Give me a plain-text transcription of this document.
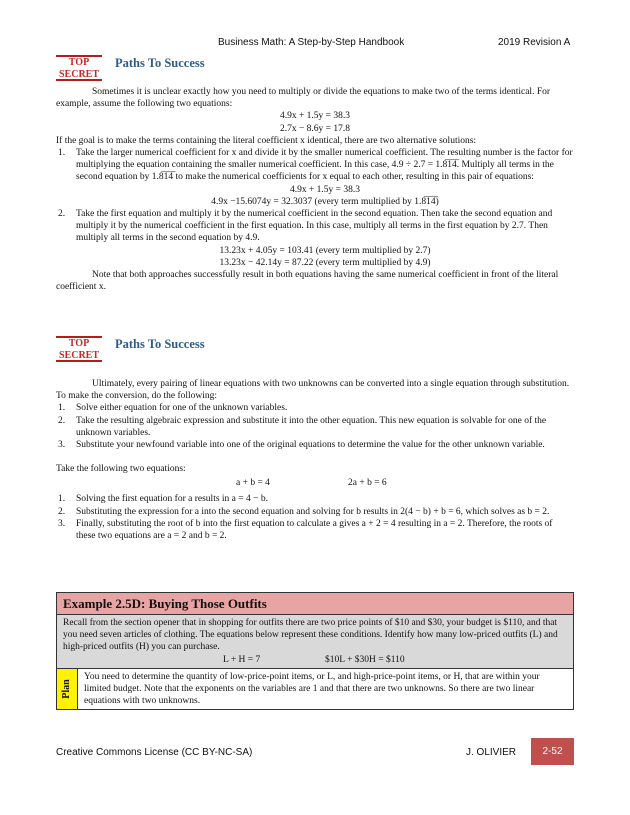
Business Math: A Step-by-Step Handbook	2019 Revision A
TOP
SECRET
Paths To Success

Sometimes it is unclear exactly how you need to multiply or divide the equations to make two of the terms identical. For example, assume the following two equations:

4.9x + 1.5y = 38.3

2.7x − 8.6y = 17.8

If the goal is to make the terms containing the literal coefficient x identical, there are two alternative solutions:

1. Take the larger numerical coefficient for x and divide it by the smaller numerical coefficient. The resulting number is the factor for multiplying the equation containing the smaller numerical coefficient. In this case, 4.9 ÷ 2.7 = 1.8̅1̅4̅. Multiply all terms in the second equation by 1.8̅1̅4̅ to make the numerical coefficients for x equal to each other, resulting in this pair of equations:

4.9x + 1.5y = 38.3

4.9x −15.6074y = 32.3037 (every term multiplied by 1.8̅1̅4̅)

2. Take the first equation and multiply it by the numerical coefficient in the second equation. Then take the second equation and multiply it by the numerical coefficient in the first equation. In this case, multiply all terms in the first equation by 2.7. Then multiply all terms in the second equation by 4.9.

13.23x + 4.05y = 103.41 (every term multiplied by 2.7)

13.23x − 42.14y = 87.22 (every term multiplied by 4.9)

Note that both approaches successfully result in both equations having the same numerical coefficient in front of the literal coefficient x.

TOP
SECRET
Paths To Success

Ultimately, every pairing of linear equations with two unknowns can be converted into a single equation through substitution. To make the conversion, do the following:

1. Solve either equation for one of the unknown variables.

2. Take the resulting algebraic expression and substitute it into the other equation. This new equation is solvable for one of the unknown variables.

3. Substitute your newfound variable into one of the original equations to determine the value for the other unknown variable.

Take the following two equations:

a + b = 4	2a + b = 6
1. Solving the first equation for a results in a = 4 − b.

2. Substituting the expression for a into the second equation and solving for b results in 2(4 − b) + b = 6, which solves as b = 2.

3. Finally, substituting the root of b into the first equation to calculate a gives a + 2 = 4 resulting in a = 2. Therefore, the roots of these two equations are a = 2 and b = 2.

Example 2.5D: Buying Those Outfits

Recall from the section opener that in shopping for outfits there are two price points of $10 and $30, your budget is $110, and that you need seven articles of clothing. The equations below represent these conditions. Identify how many low-priced outfits (L) and high-priced outfits (H) you can purchase.

L + H = 7	$10L + $30H = $110
Plan
You need to determine the quantity of low-price-point items, or L, and high-price-point items, or H, that are within your limited budget. Note that the exponents on the variables are 1 and that there are two unknowns. So there are two linear equations with two unknowns.
Creative Commons License (CC BY-NC-SA)	J. OLIVIER	2-52
